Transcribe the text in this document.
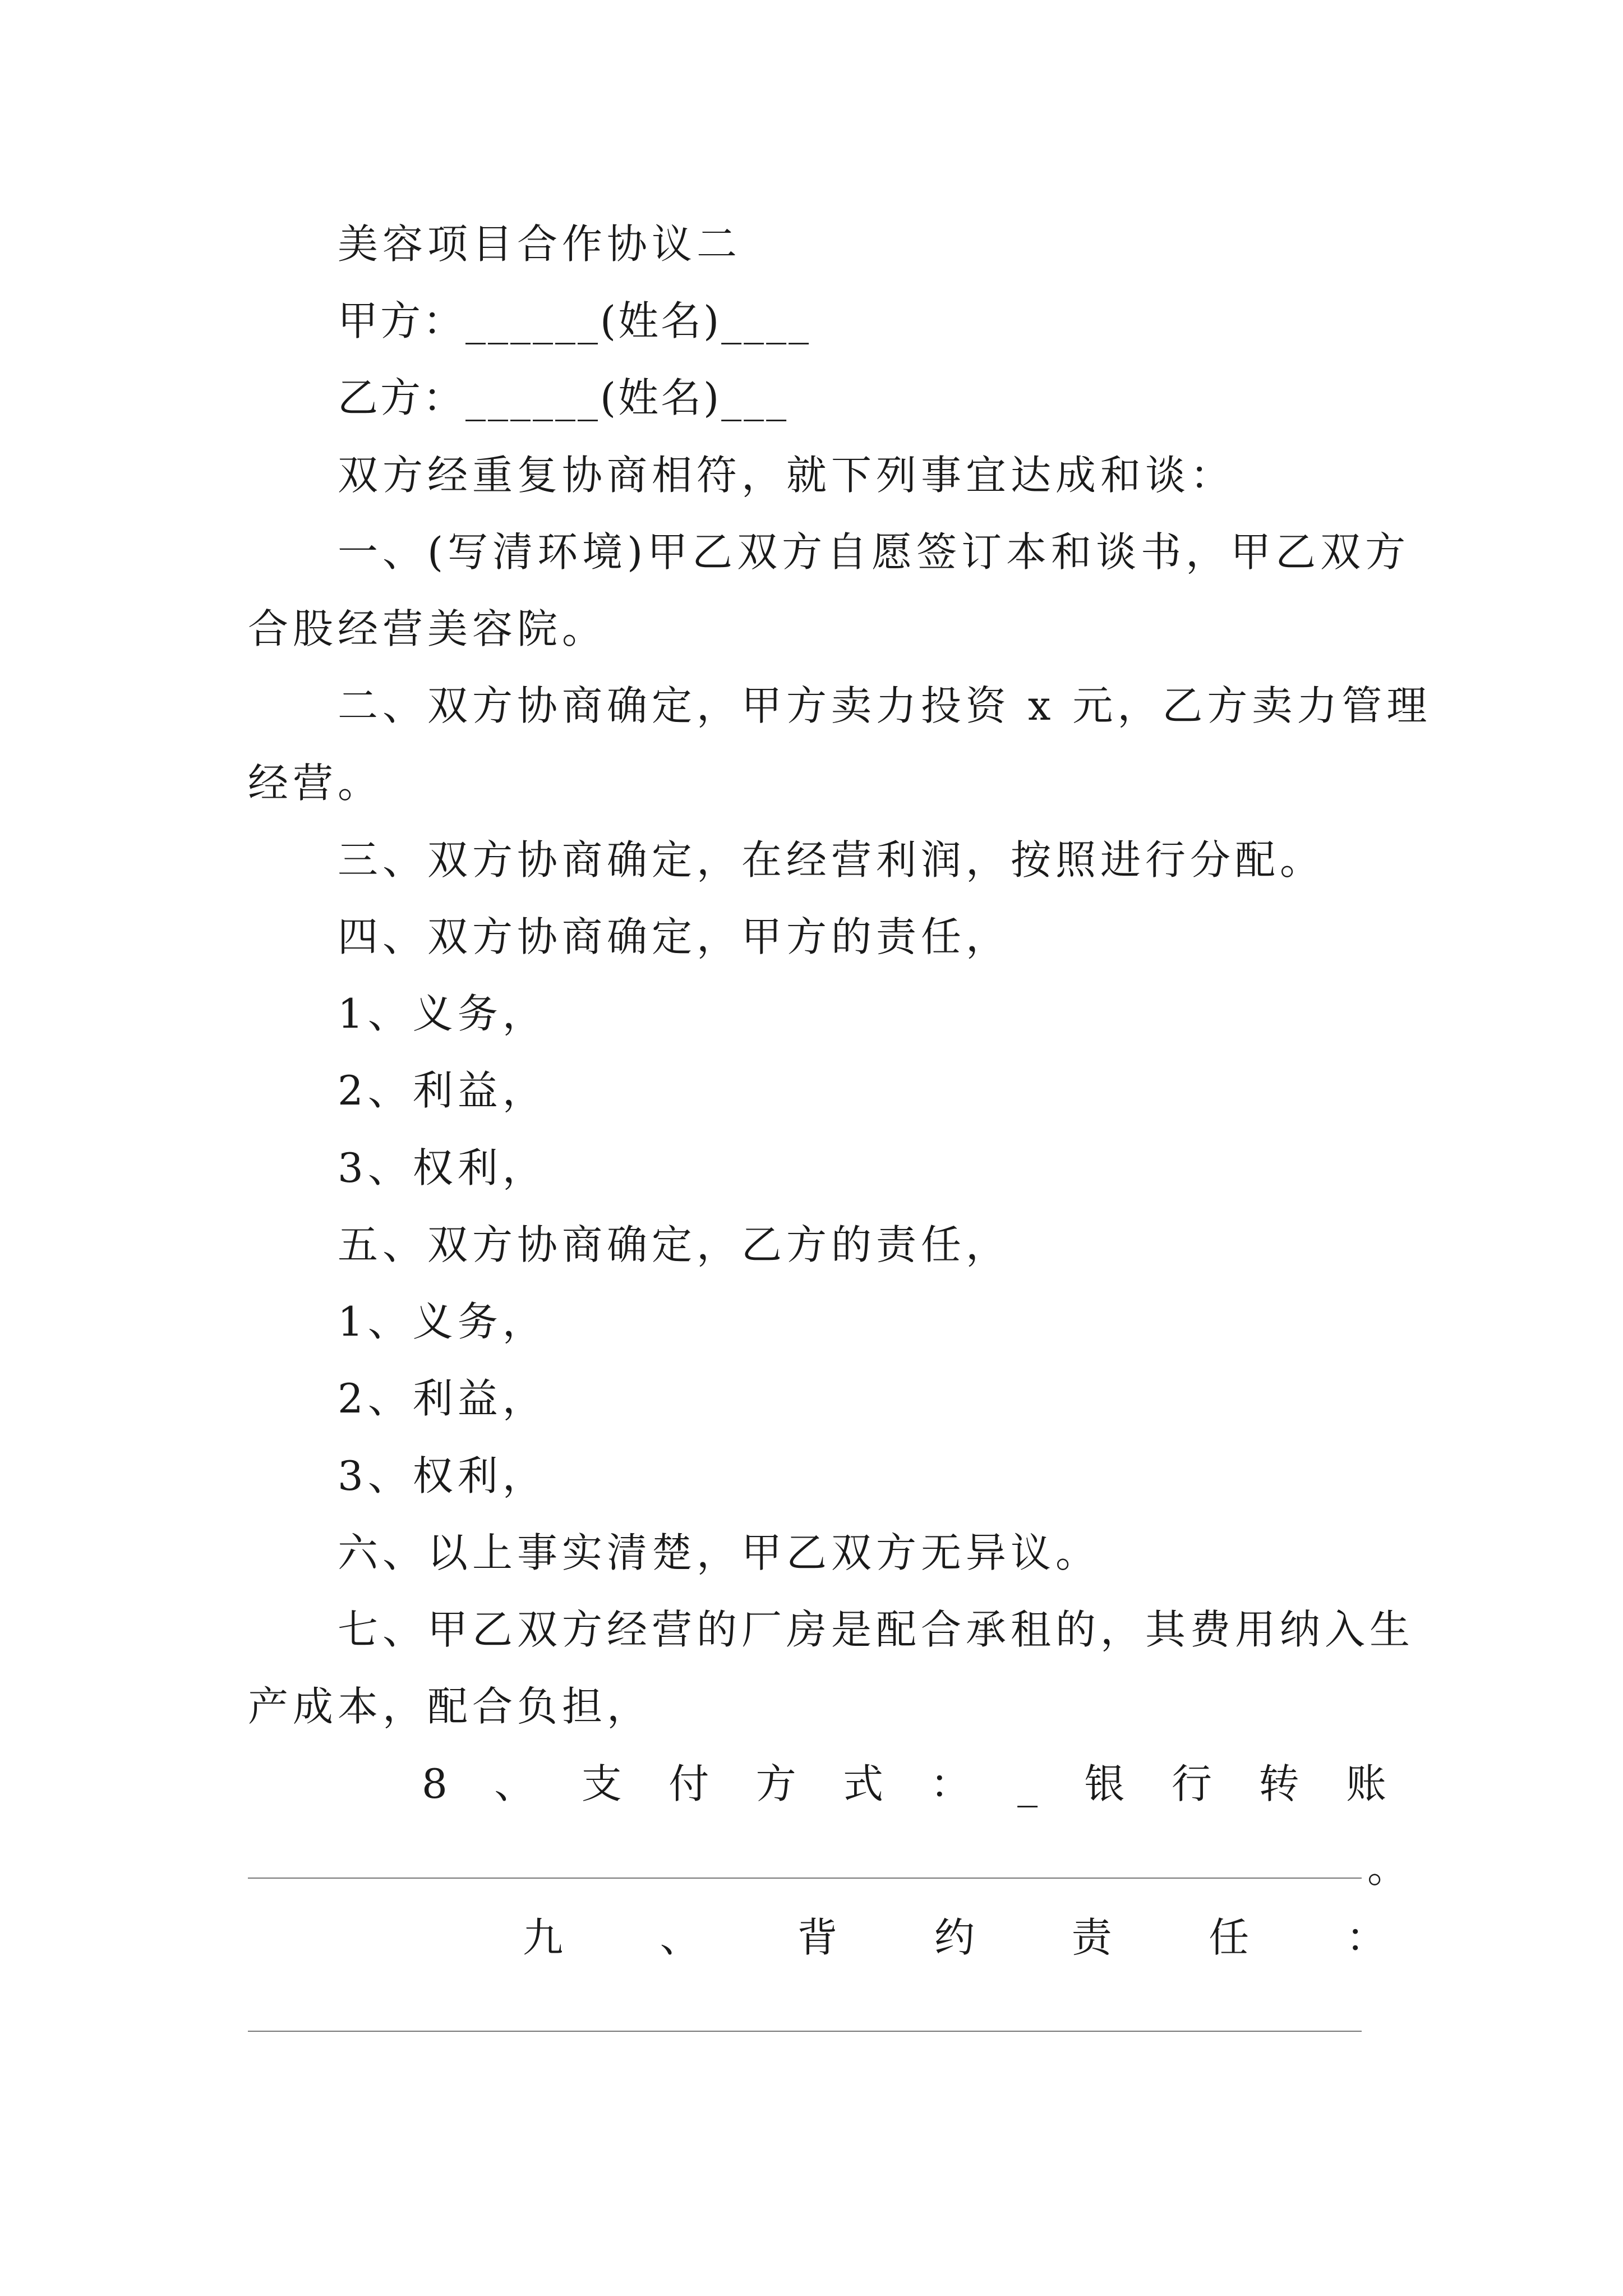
美容项目合作协议二

甲方：______(姓名)____

乙方：______(姓名)___

双方经重复协商相符，就下列事宜达成和谈：

一、(写清环境)甲乙双方自愿签订本和谈书，甲乙双方

合股经营美容院。

二、双方协商确定，甲方卖力投资 x 元，乙方卖力管理

经营。

三、双方协商确定，在经营利润，按照进行分配。

四、双方协商确定，甲方的责任，

1、义务，

2、利益，

3、权利，

五、双方协商确定，乙方的责任，

1、义务，

2、利益，

3、权利，

六、以上事实清楚，甲乙双方无异议。

七、甲乙双方经营的厂房是配合承租的，其费用纳入生

产成本，配合负担，

8 、 支 付 方 式 ： _ 银 行 转 账
。
九 、 背 约 责 任 ：
